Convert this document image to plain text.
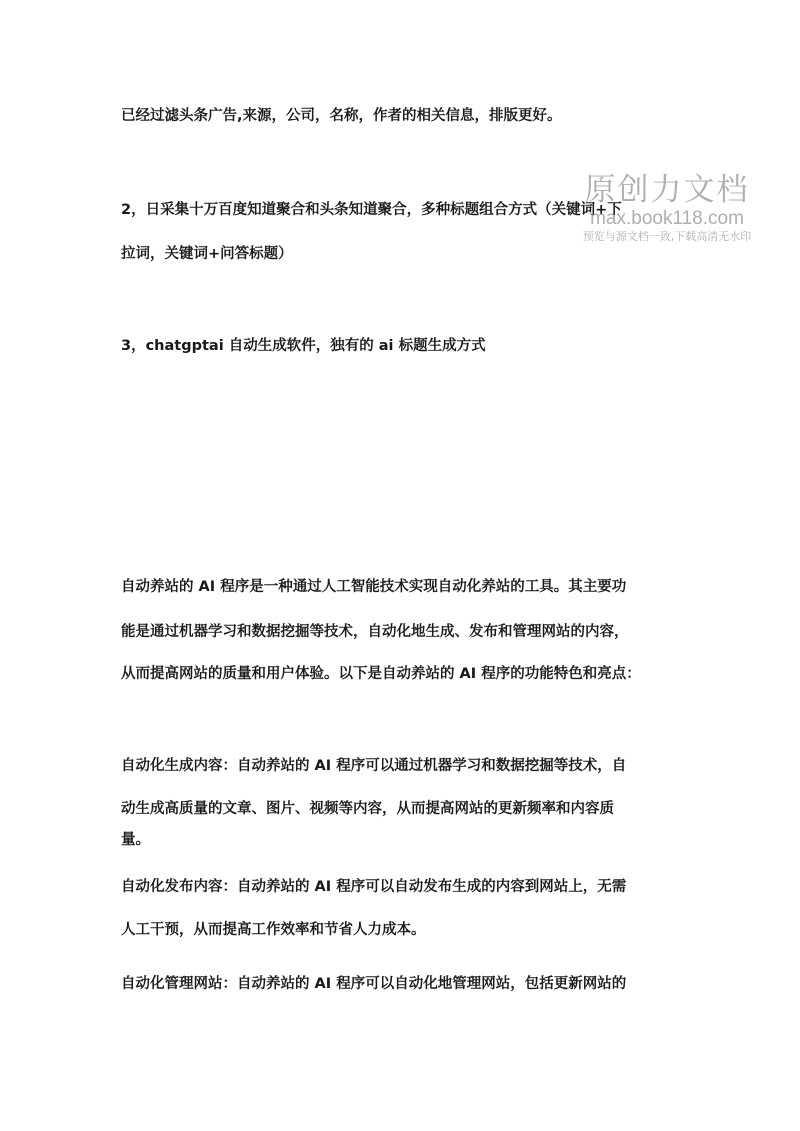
已经过滤头条广告,来源，公司，名称，作者的相关信息，排版更好。
2，日采集十万百度知道聚合和头条知道聚合，多种标题组合方式（关键词+下
拉词，关键词+问答标题）
3，chatgptai 自动生成软件，独有的 ai 标题生成方式
自动养站的 AI 程序是一种通过人工智能技术实现自动化养站的工具。其主要功
能是通过机器学习和数据挖掘等技术，自动化地生成、发布和管理网站的内容，
从而提高网站的质量和用户体验。以下是自动养站的 AI 程序的功能特色和亮点：
自动化生成内容：自动养站的 AI 程序可以通过机器学习和数据挖掘等技术，自
动生成高质量的文章、图片、视频等内容，从而提高网站的更新频率和内容质
量。
自动化发布内容：自动养站的 AI 程序可以自动发布生成的内容到网站上，无需
人工干预，从而提高工作效率和节省人力成本。
自动化管理网站：自动养站的 AI 程序可以自动化地管理网站，包括更新网站的
原创力文档
max.book118.com
预览与源文档一致,下载高清无水印
